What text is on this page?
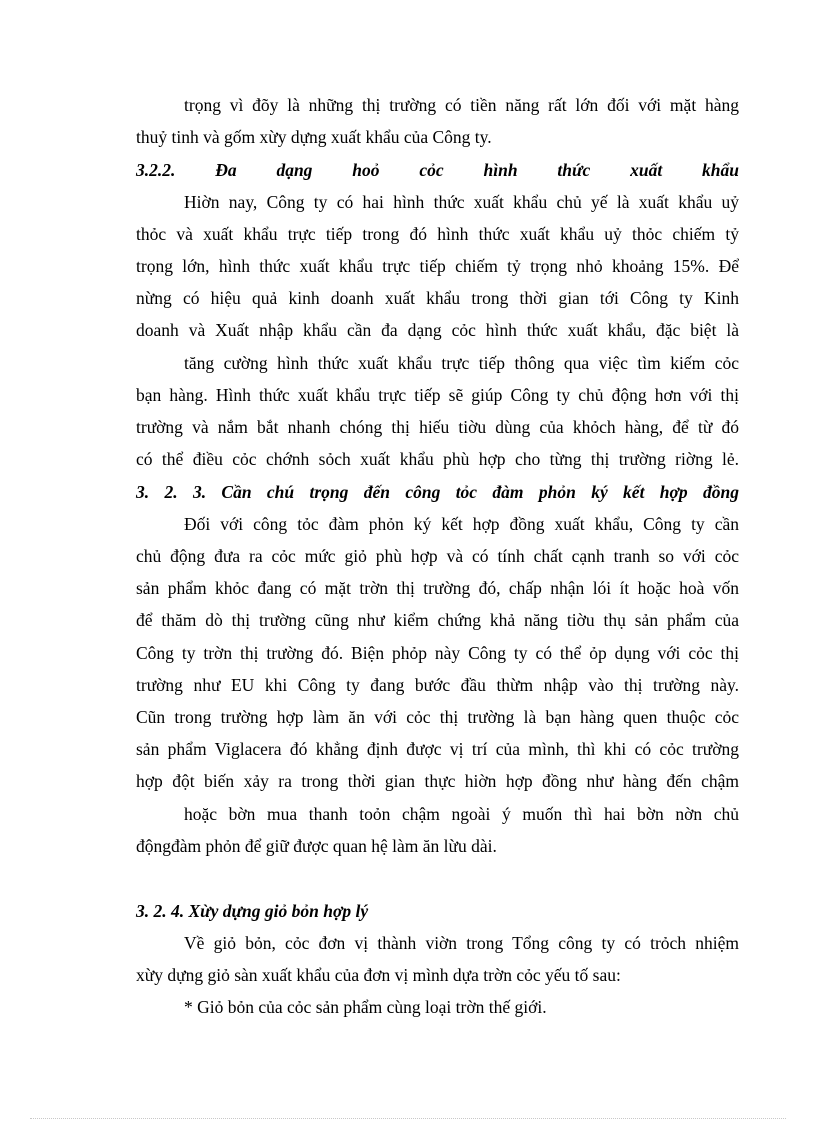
trọng vì đõy là những thị trường có tiền năng rất lớn đối với mặt hàng
thuỷ tinh và gốm xừy dựng xuất khẩu của Công ty.
3.2.2. Đa dạng hoỏ cỏc hình thức xuất khẩu
Hiờn nay, Công ty có hai hình thức xuất khẩu chủ yế là xuất khẩu uỷ
thỏc và xuất khẩu trực tiếp trong đó hình thức xuất khẩu uỷ thỏc chiếm tỷ
trọng lớn, hình thức xuất khẩu trực tiếp chiếm tỷ trọng nhỏ khoảng 15%. Để
nừng có hiệu quả kinh doanh xuất khẩu trong thời gian tới Công ty Kinh
doanh và Xuất nhập khẩu cần đa dạng cỏc hình thức xuất khẩu, đặc biệt là
tăng cường hình thức xuất khẩu trực tiếp thông qua việc tìm kiếm cỏc
bạn hàng. Hình thức xuất khẩu trực tiếp sẽ giúp Công ty chủ động hơn với thị
trường và nắm bắt nhanh chóng thị hiếu tiờu dùng của khỏch hàng, để từ đó
có thể điều cỏc chớnh sỏch xuất khẩu phù hợp cho từng thị trường riờng lẻ.
3. 2. 3. Cần chú trọng đến công tỏc đàm phỏn ký kết hợp đồng
Đối với công tỏc đàm phỏn ký kết hợp đồng xuất khẩu, Công ty cần
chủ động đưa ra cỏc mức giỏ phù hợp và có tính chất cạnh tranh so với cỏc
sản phẩm khỏc đang có mặt trờn thị trường đó, chấp nhận lói ít hoặc hoà vốn
để thăm dò thị trường cũng như kiểm chứng khả năng tiờu thụ sản phẩm của
Công ty trờn thị trường đó. Biện phỏp này Công ty có thể ỏp dụng với cỏc thị
trường như EU khi Công ty đang bước đầu thừm nhập vào thị trường này.
Cũn trong trường hợp làm ăn với cỏc thị trường là bạn hàng quen thuộc cỏc
sản phẩm Viglacera đó khẳng định được vị trí của mình, thì khi có cỏc trường
hợp đột biến xảy ra trong thời gian thực hiờn hợp đồng như hàng đến chậm
hoặc bờn mua thanh toỏn chậm ngoài ý muốn thì hai bờn nờn chủ
độngđàm phỏn để giữ được quan hệ làm ăn lừu dài.
3. 2. 4. Xừy dựng giỏ bỏn hợp lý
Về giỏ bỏn, cỏc đơn vị thành viờn trong Tổng công ty có trỏch nhiệm
xừy dựng giỏ sàn xuất khẩu của đơn vị mình dựa trờn cỏc yếu tố sau:
* Giỏ bỏn của cỏc sản phẩm cùng loại trờn thế giới.
